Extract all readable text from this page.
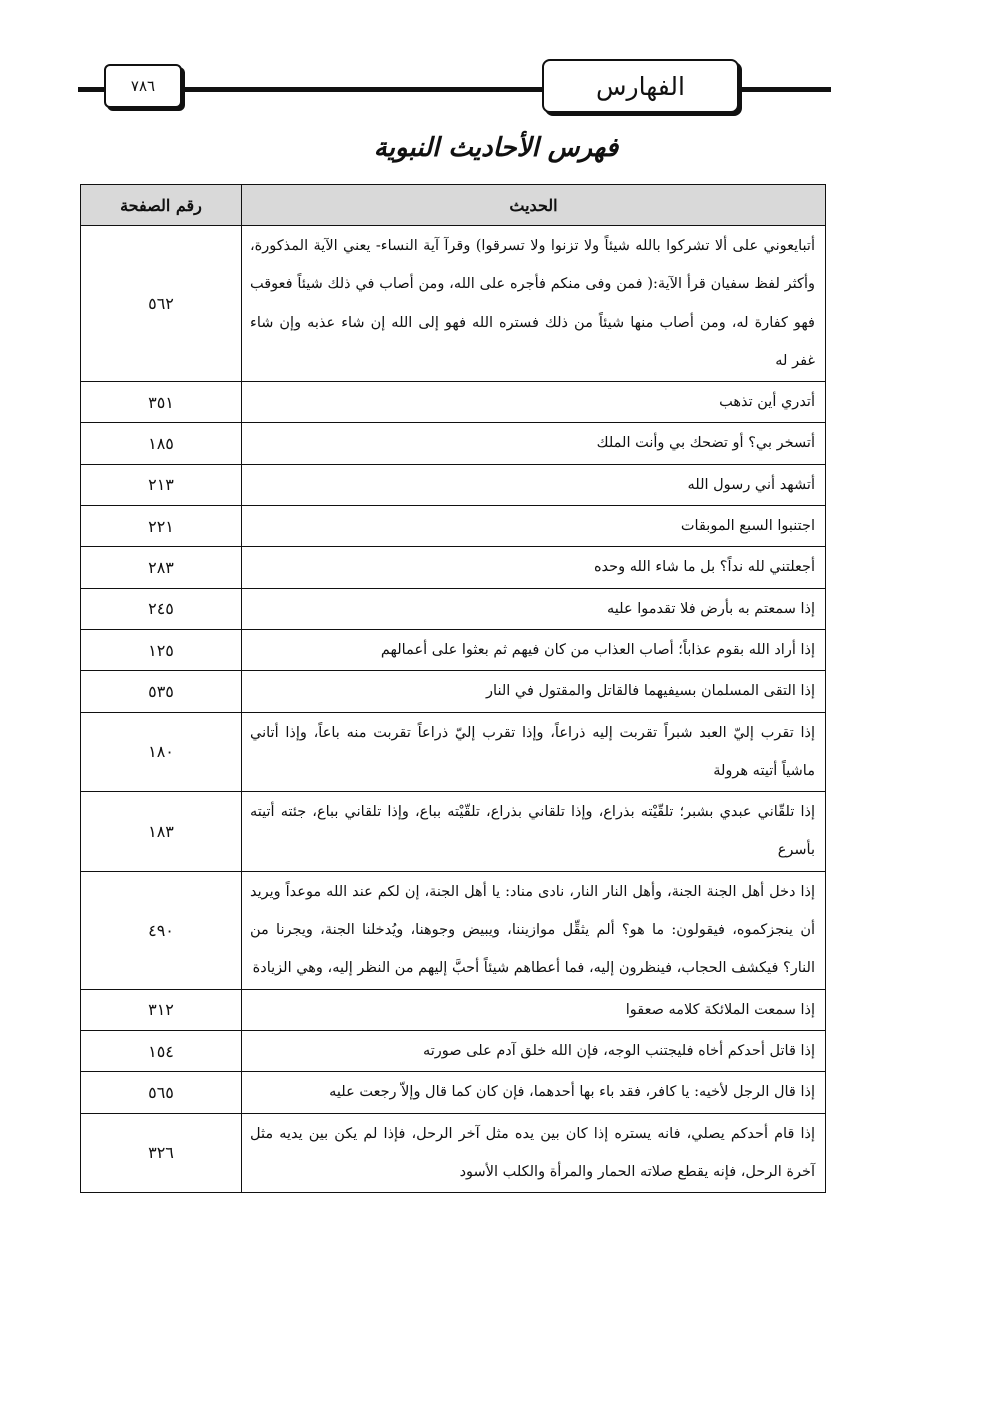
٧٨٦	الفهارس
فهرس الأحاديث النبوية
الحديث	رقم الصفحة
أتبايعوني على ألا تشركوا بالله شيئاً ولا تزنوا ولا تسرقوا) وقرآ آية النساء- يعني الآية المذكورة، وأكثر لفظ سفيان قرأ الآية:( فمن وفى منكم فأجره على الله، ومن أصاب في ذلك شيئاً فعوقب فهو كفارة له، ومن أصاب منها شيئاً من ذلك فستره الله فهو إلى الله إن شاء عذبه وإن شاء غفر له	٥٦٢
أتدري أين تذهب	٣٥١
أتسخر بي؟ أو تضحك بي وأنت الملك	١٨٥
أتشهد أني رسول الله	٢١٣
اجتنبوا السبع الموبقات	٢٢١
أجعلتني لله نداً؟ بل ما شاء الله وحده	٢٨٣
إذا سمعتم به بأرض فلا تقدموا عليه	٢٤٥
إذا أراد الله بقوم عذاباً؛ أصاب العذاب من كان فيهم ثم بعثوا على أعمالهم	١٢٥
إذا التقى المسلمان بسيفيهما فالقاتل والمقتول في النار	٥٣٥
إذا تقرب إليّ العبد شبراً تقربت إليه ذراعاً، وإذا تقرب إليّ ذراعاً تقربت منه باعاً، وإذا أتاني ماشياً أتيته هرولة	١٨٠
إذا تلقّاني عبدي بشبر؛ تلقّيْته بذراع، وإذا تلقاني بذراع، تلقّيْته بباع، وإذا تلقاني بباع، جئته أتيته بأسرع	١٨٣
إذا دخل أهل الجنة الجنة، وأهل النار النار، نادى مناد: يا أهل الجنة، إن لكم عند الله موعداً ويريد أن ينجزكموه، فيقولون: ما هو؟ ألم يثقِّل موازيننا، ويبيض وجوهنا، ويُدخلنا الجنة، ويجرنا من النار؟ فيكشف الحجاب، فينظرون إليه، فما أعطاهم شيئاً أحبَّ إليهم من النظر إليه، وهي الزيادة	٤٩٠
إذا سمعت الملائكة كلامه صعقوا	٣١٢
إذا قاتل أحدكم أخاه فليجتنب الوجه، فإن الله خلق آدم على صورته	١٥٤
إذا قال الرجل لأخيه: يا كافر، فقد باء بها أحدهما، فإن كان كما قال وإلاّ رجعت عليه	٥٦٥
إذا قام أحدكم يصلي، فانه يستره إذا كان بين يده مثل آخر الرحل، فإذا لم يكن بين يديه مثل آخرة الرحل، فإنه يقطع صلاته الحمار والمرأة والكلب الأسود	٣٢٦
